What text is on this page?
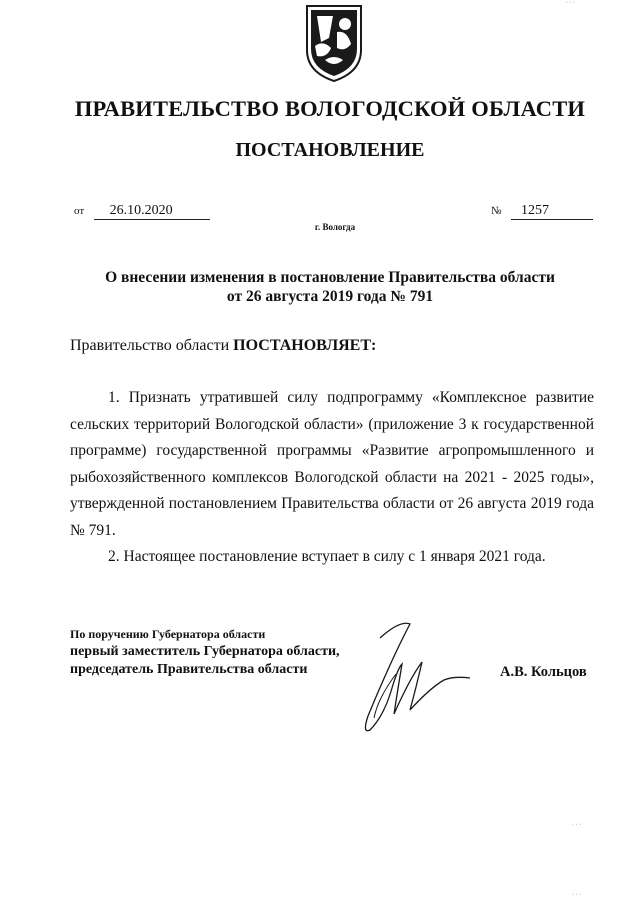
ПРАВИТЕЛЬСТВО ВОЛОГОДСКОЙ ОБЛАСТИ
ПОСТАНОВЛЕНИЕ
от 26.10.2020	№ 1257
г. Вологда
О внесении изменения в постановление Правительства области
от 26 августа 2019 года № 791
Правительство области ПОСТАНОВЛЯЕТ:

1. Признать утратившей силу подпрограмму «Комплексное развитие сельских территорий Вологодской области» (приложение 3 к государственной программе) государственной программы «Развитие агропромышленного и рыбохозяйственного комплексов Вологодской области на 2021 - 2025 годы», утвержденной постановлением Правительства области от 26 августа 2019 года № 791.

2. Настоящее постановление вступает в силу с 1 января 2021 года.

По поручению Губернатора области
первый заместитель Губернатора области,
председатель Правительства области	А.В. Кольцов
· · ·
· · ·
· · ·
